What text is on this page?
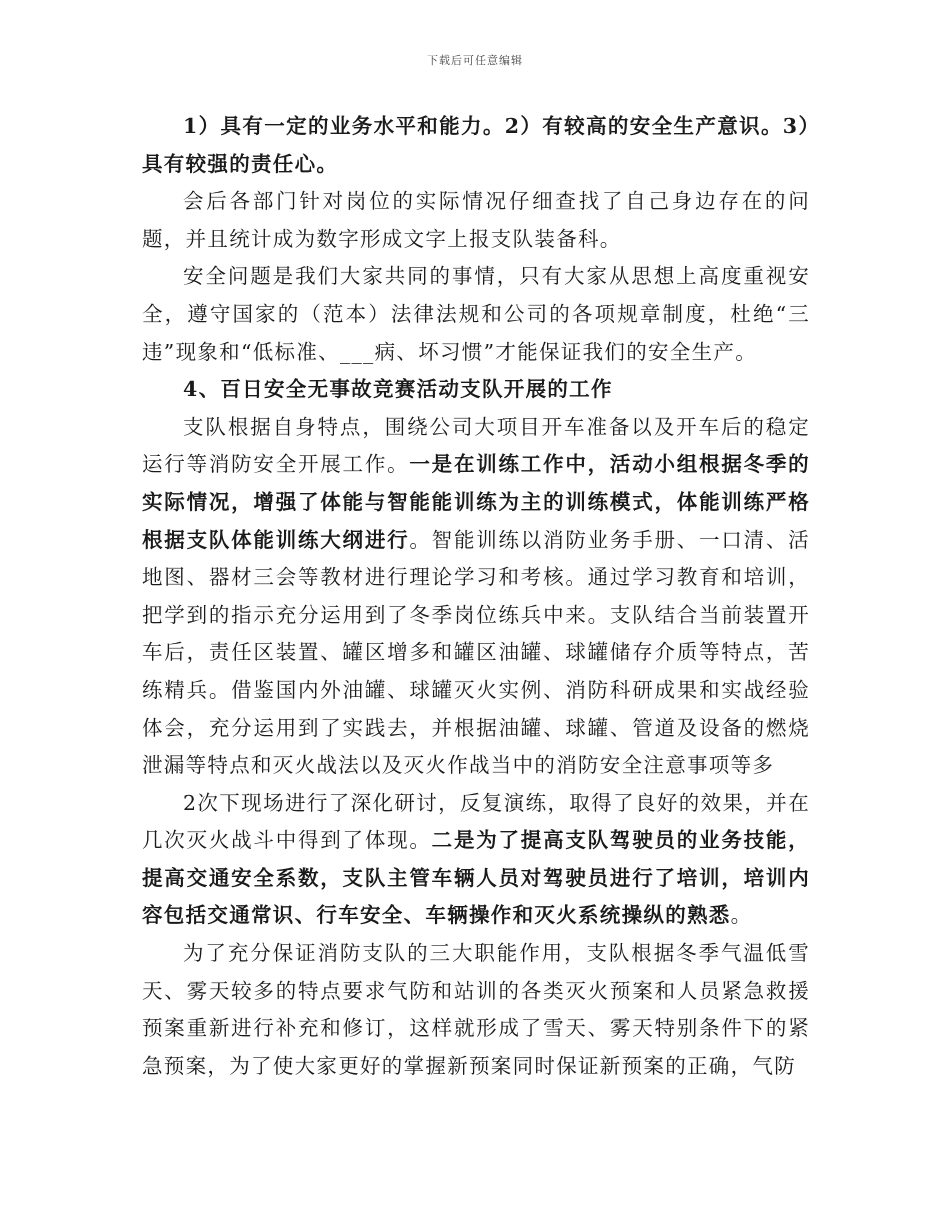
下载后可任意编辑

1）具有一定的业务水平和能力。2）有较高的安全生产意识。3）具有较强的责任心。

会后各部门针对岗位的实际情况仔细查找了自己身边存在的问题，并且统计成为数字形成文字上报支队装备科。

安全问题是我们大家共同的事情，只有大家从思想上高度重视安全，遵守国家的（范本）法律法规和公司的各项规章制度，杜绝“三违”现象和“低标准、___病、坏习惯”才能保证我们的安全生产。

4、百日安全无事故竞赛活动支队开展的工作

支队根据自身特点，围绕公司大项目开车准备以及开车后的稳定运行等消防安全开展工作。一是在训练工作中，活动小组根据冬季的实际情况，增强了体能与智能能训练为主的训练模式，体能训练严格根据支队体能训练大纲进行。智能训练以消防业务手册、一口清、活地图、器材三会等教材进行理论学习和考核。通过学习教育和培训，把学到的指示充分运用到了冬季岗位练兵中来。支队结合当前装置开车后，责任区装置、罐区增多和罐区油罐、球罐储存介质等特点，苦练精兵。借鉴国内外油罐、球罐灭火实例、消防科研成果和实战经验体会，充分运用到了实践去，并根据油罐、球罐、管道及设备的燃烧泄漏等特点和灭火战法以及灭火作战当中的消防安全注意事项等多

2次下现场进行了深化研讨，反复演练，取得了良好的效果，并在几次灭火战斗中得到了体现。二是为了提高支队驾驶员的业务技能，提高交通安全系数，支队主管车辆人员对驾驶员进行了培训，培训内容包括交通常识、行车安全、车辆操作和灭火系统操纵的熟悉。

为了充分保证消防支队的三大职能作用，支队根据冬季气温低雪天、雾天较多的特点要求气防和站训的各类灭火预案和人员紧急救援预案重新进行补充和修订，这样就形成了雪天、雾天特别条件下的紧急预案，为了使大家更好的掌握新预案同时保证新预案的正确，气防
